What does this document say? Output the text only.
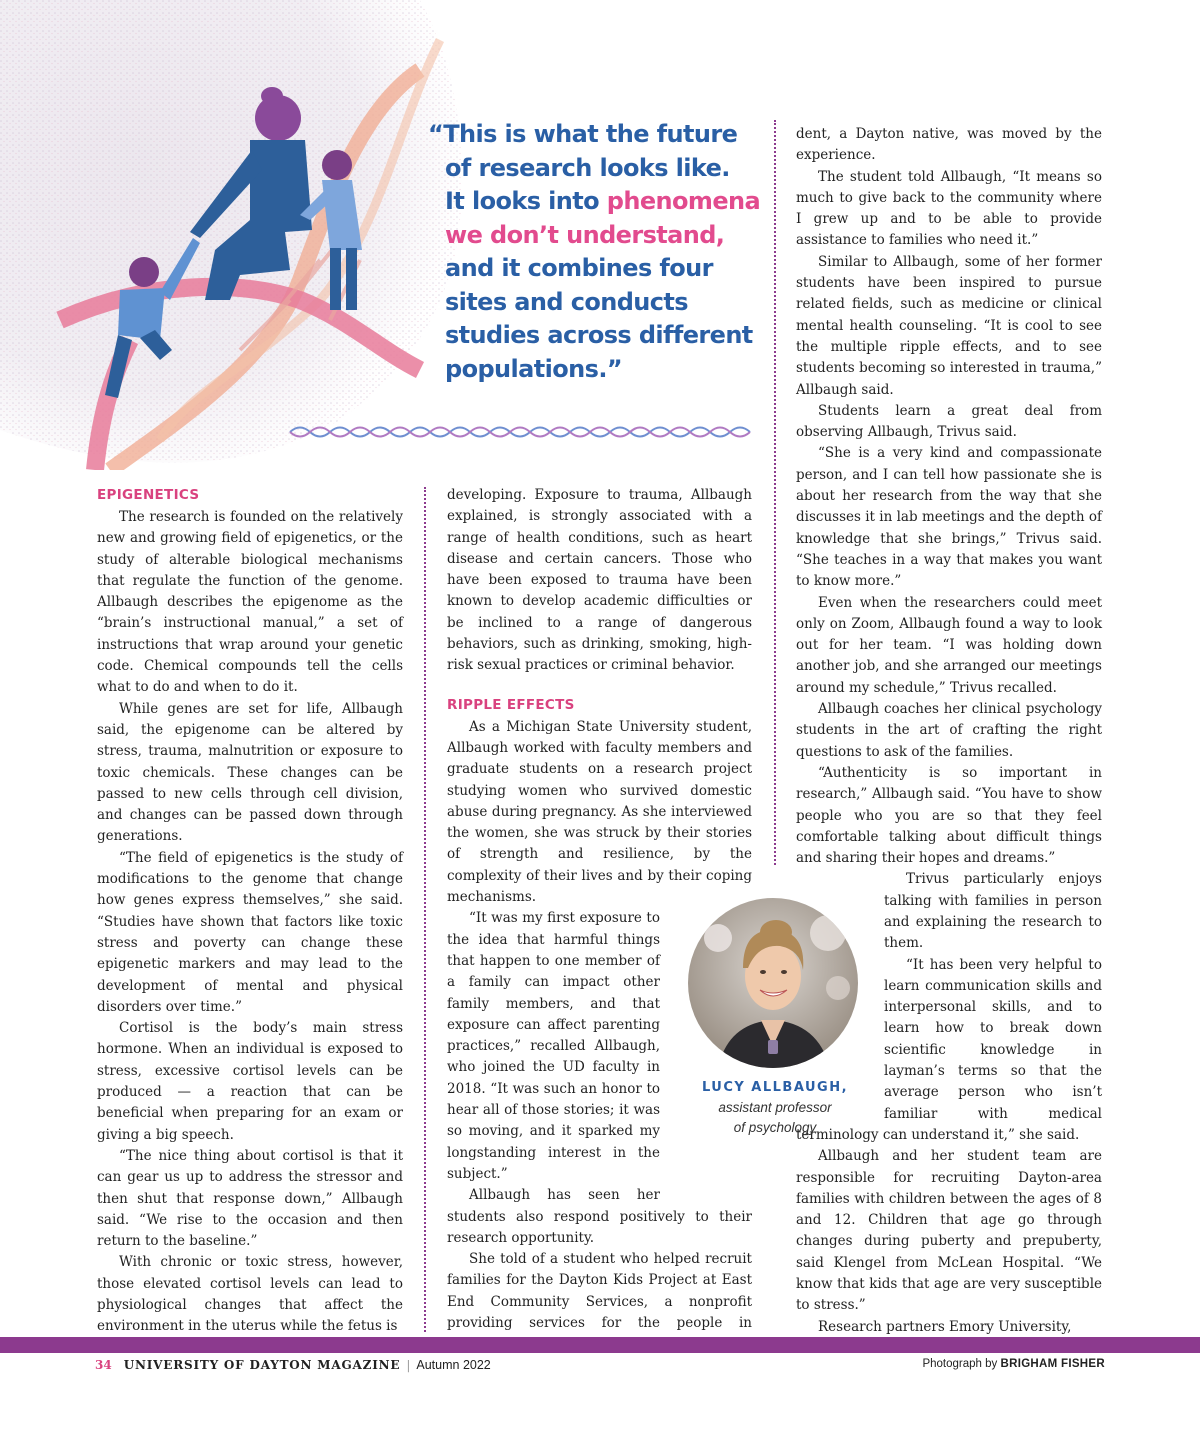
“This is what the future
of research looks like.
It looks into phenomena
we don’t understand,
and it combines four
sites and conducts
studies across different
populations.”
EPIGENETICS

The research is founded on the relatively new and growing field of epigenetics, or the study of alterable biological mechanisms that regulate the function of the genome. Allbaugh describes the epigenome as the “brain’s instructional manual,” a set of instructions that wrap around your genetic code. Chemical compounds tell the cells what to do and when to do it.

While genes are set for life, Allbaugh said, the epigenome can be altered by stress, trauma, malnutrition or exposure to toxic chemicals. These changes can be passed to new cells through cell division, and changes can be passed down through generations.

“The field of epigenetics is the study of modifications to the genome that change how genes express themselves,” she said. “Studies have shown that factors like toxic stress and poverty can change these epigenetic markers and may lead to the development of mental and physical disorders over time.”

Cortisol is the body’s main stress hormone. When an individual is exposed to stress, excessive cortisol levels can be produced — a reaction that can be beneficial when preparing for an exam or giving a big speech.

“The nice thing about cortisol is that it can gear us up to address the stressor and then shut that response down,” Allbaugh said. “We rise to the occasion and then return to the baseline.”

With chronic or toxic stress, however, those elevated cortisol levels can lead to physiological changes that affect the environment in the uterus while the fetus is

developing. Exposure to trauma, Allbaugh explained, is strongly associated with a range of health conditions, such as heart disease and certain cancers. Those who have been exposed to trauma have been known to develop academic difficulties or be inclined to a range of dangerous behaviors, such as drinking, smoking, high-risk sexual practices or criminal behavior.

RIPPLE EFFECTS

As a Michigan State University student, Allbaugh worked with faculty members and graduate students on a research project studying women who survived domestic abuse during pregnancy. As she interviewed the women, she was struck by their stories of strength and resilience, by the complexity of their lives and by their coping mechanisms.

“It was my first exposure to the idea that harmful things that happen to one member of a family can impact other family members, and that exposure can affect parenting practices,” recalled Allbaugh, who joined the UD faculty in 2018. “It was such an honor to hear all of those stories; it was so moving, and it sparked my longstanding interest in the subject.”

Allbaugh has seen her students also respond positively to their research opportunity.

She told of a student who helped recruit families for the Dayton Kids Project at East End Community Services, a nonprofit providing services for the people in

dent, a Dayton native, was moved by the experience.

The student told Allbaugh, “It means so much to give back to the community where I grew up and to be able to provide assistance to families who need it.”

Similar to Allbaugh, some of her former students have been inspired to pursue related fields, such as medicine or clinical mental health counseling. “It is cool to see the multiple ripple effects, and to see students becoming so interested in trauma,” Allbaugh said.

Students learn a great deal from observing Allbaugh, Trivus said.

“She is a very kind and compassionate person, and I can tell how passionate she is about her research from the way that she discusses it in lab meetings and the depth of knowledge that she brings,” Trivus said. “She teaches in a way that makes you want to know more.”

Even when the researchers could meet only on Zoom, Allbaugh found a way to look out for her team. “I was holding down another job, and she arranged our meetings around my schedule,” Trivus recalled.

Allbaugh coaches her clinical psychology students in the art of crafting the right questions to ask of the families.

“Authenticity is so important in research,” Allbaugh said. “You have to show people who you are so that they feel comfortable talking about difficult things and sharing their hopes and dreams.”

Trivus particularly enjoys talking with families in person and explaining the research to them.

“It has been very helpful to learn communication skills and interpersonal skills, and to learn how to break down scientific knowledge in layman’s terms so that the average person who isn’t familiar with medical terminology can understand it,” she said.

Allbaugh and her student team are responsible for recruiting Dayton-area families with children between the ages of 8 and 12. Children that age go through changes during puberty and prepuberty, said Klengel from McLean Hospital. “We know that kids that age are very susceptible to stress.”

Research partners Emory University,

LUCY ALLBAUGH,
assistant professor
of psychology
34 UNIVERSITY OF DAYTON MAGAZINE | Autumn 2022	Photograph by BRIGHAM FISHER
